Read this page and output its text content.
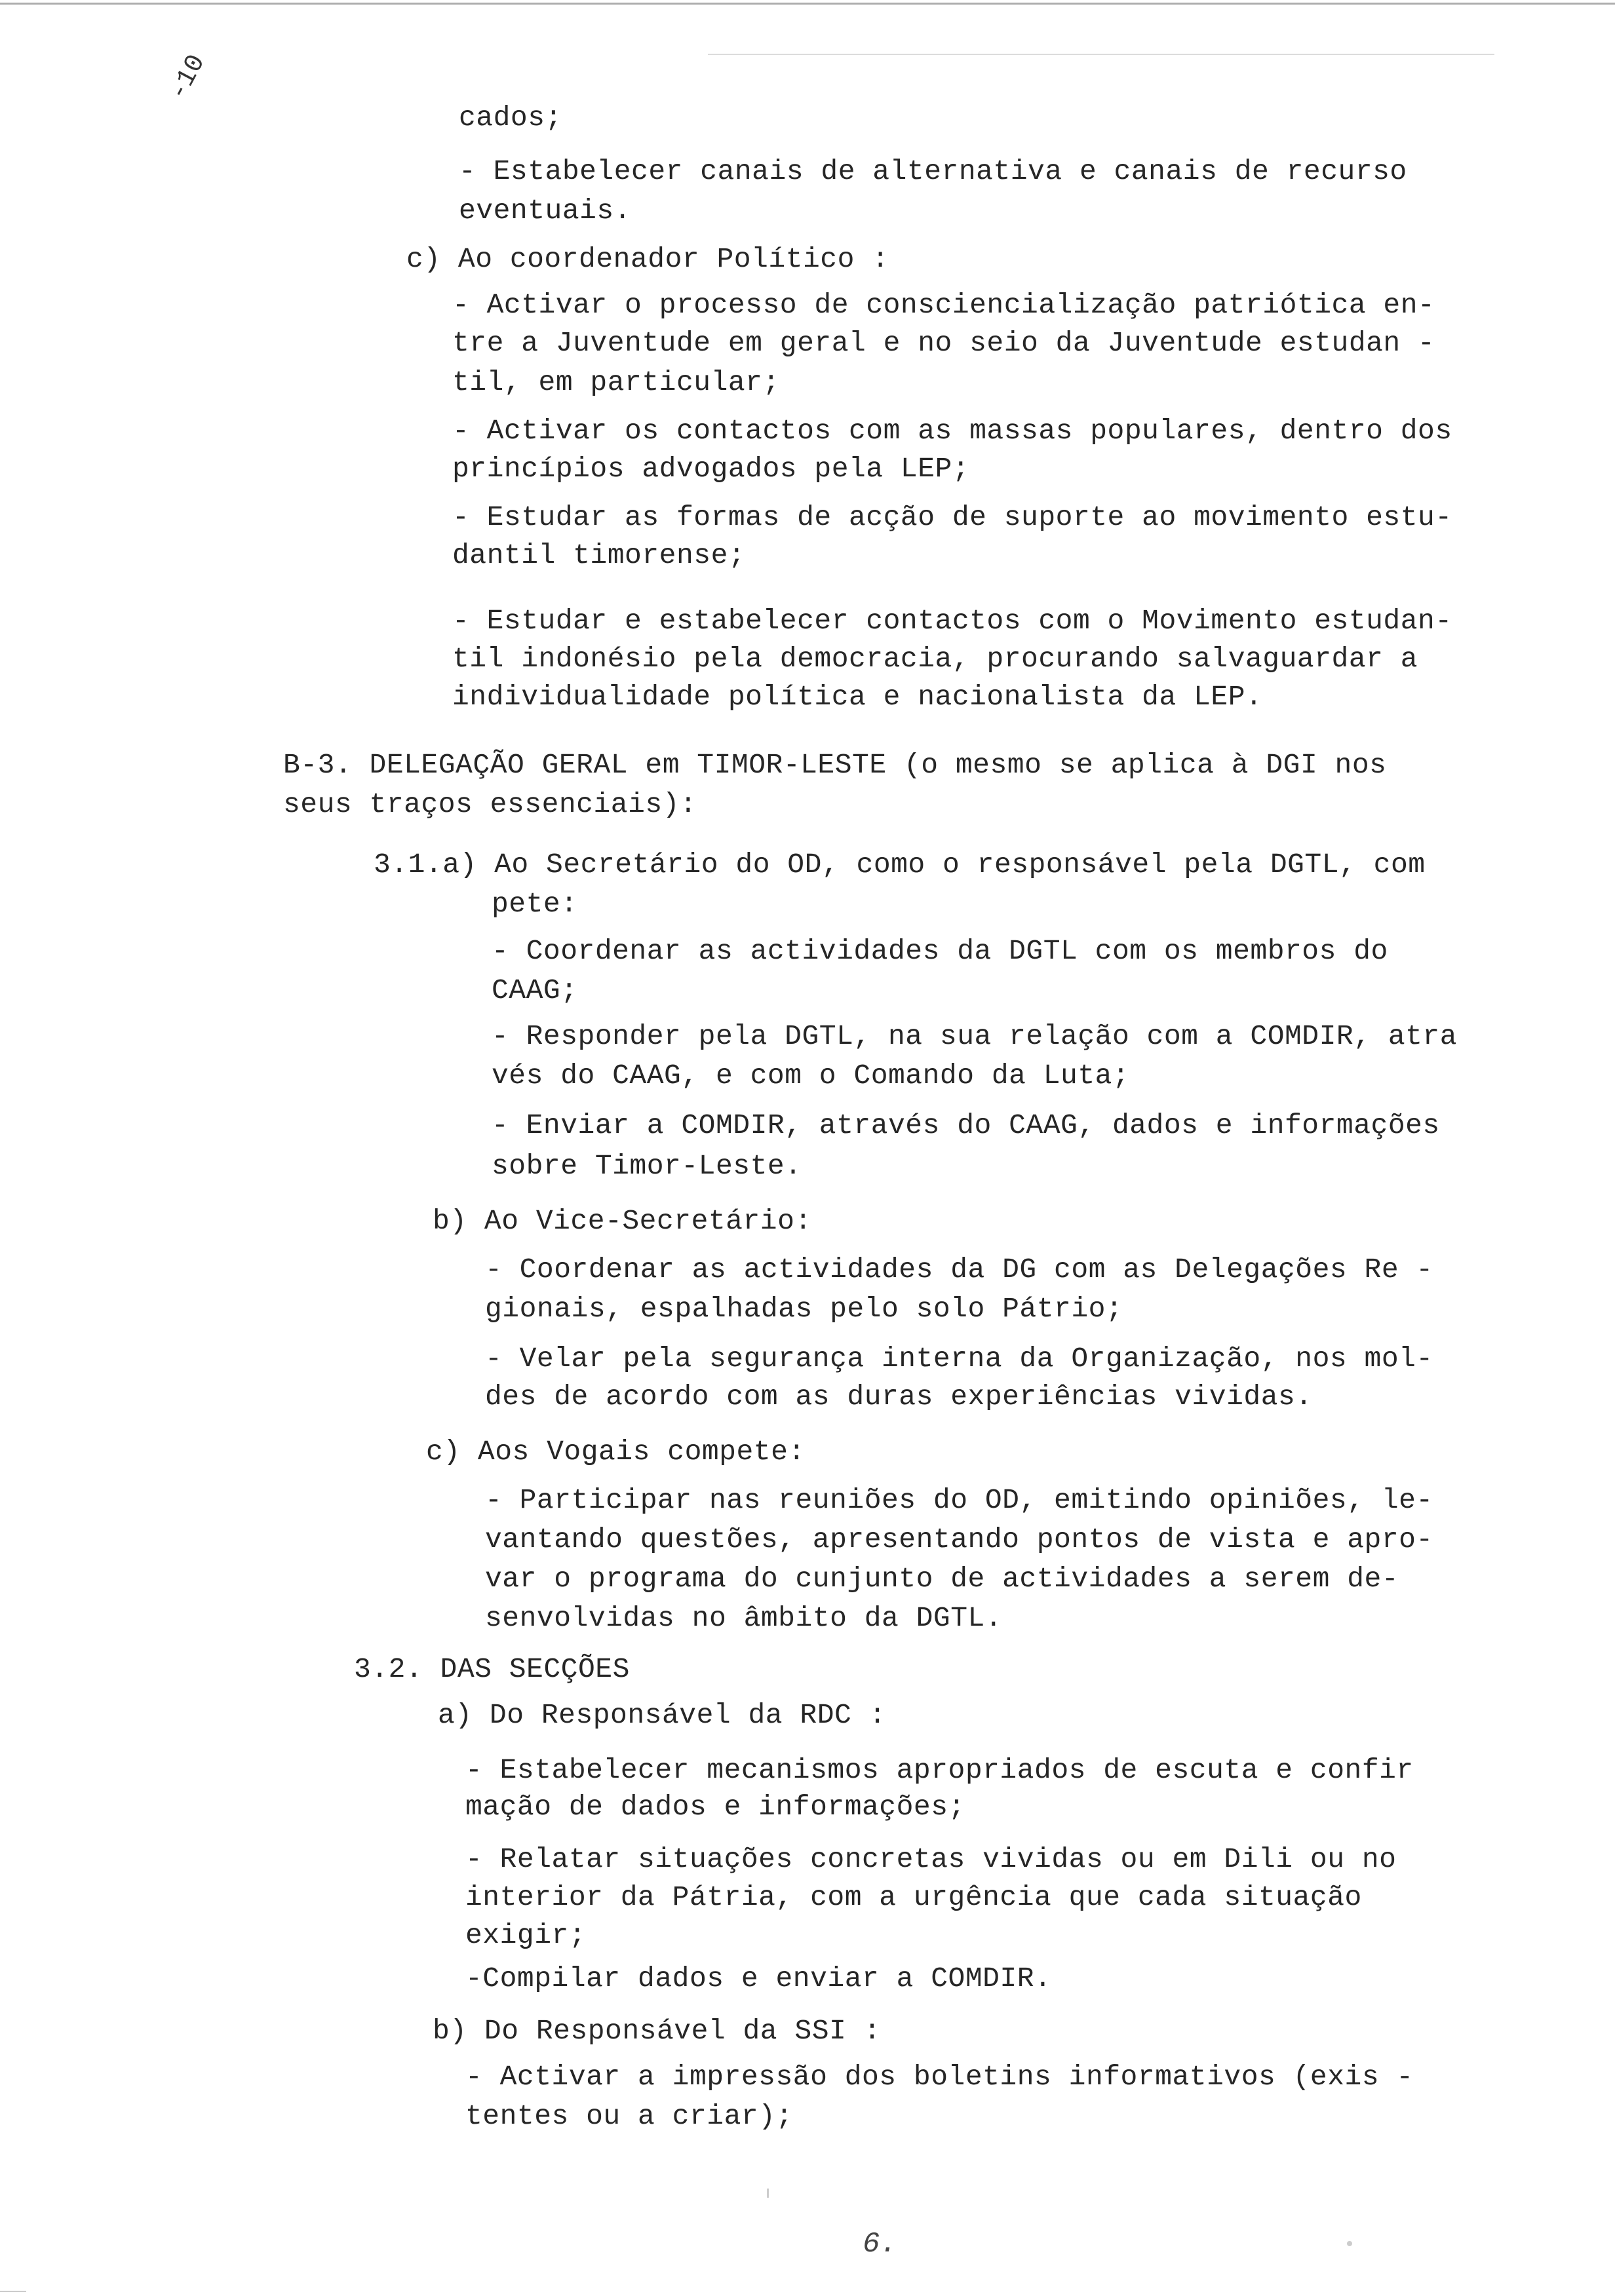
-10
cados;
- Estabelecer canais de alternativa e canais de recurso
eventuais.
c) Ao coordenador Político :
- Activar o processo de consciencialização patriótica en-
tre a Juventude em geral e no seio da Juventude estudan -
til, em particular;
- Activar os contactos com as massas populares, dentro dos
princípios advogados pela LEP;
- Estudar as formas de acção de suporte ao movimento estu-
dantil timorense;
- Estudar e estabelecer contactos com o Movimento estudan-
til indonésio pela democracia, procurando salvaguardar a
individualidade política e nacionalista da LEP.
B-3. DELEGAÇÃO GERAL em TIMOR-LESTE (o mesmo se aplica à DGI nos
seus traços essenciais):
3.1.a) Ao Secretário do OD, como o responsável pela DGTL, com
pete:
- Coordenar as actividades da DGTL com os membros do
CAAG;
- Responder pela DGTL, na sua relação com a COMDIR, atra
vés do CAAG, e com o Comando da Luta;
- Enviar a COMDIR, através do CAAG, dados e informações
sobre Timor-Leste.
b) Ao Vice-Secretário:
- Coordenar as actividades da DG com as Delegações Re -
gionais, espalhadas pelo solo Pátrio;
- Velar pela segurança interna da Organização, nos mol-
des de acordo com as duras experiências vividas.
c) Aos Vogais compete:
- Participar nas reuniões do OD, emitindo opiniões, le-
vantando questões, apresentando pontos de vista e apro-
var o programa do cunjunto de actividades a serem de-
senvolvidas no âmbito da DGTL.
3.2. DAS SECÇÕES
a) Do Responsável da RDC :
- Estabelecer mecanismos apropriados de escuta e confir
mação de dados e informações;
- Relatar situações concretas vividas ou em Dili ou no
interior da Pátria, com a urgência que cada situação
exigir;
-Compilar dados e enviar a COMDIR.
b) Do Responsável da SSI :
- Activar a impressão dos boletins informativos (exis -
tentes ou a criar);
6.
